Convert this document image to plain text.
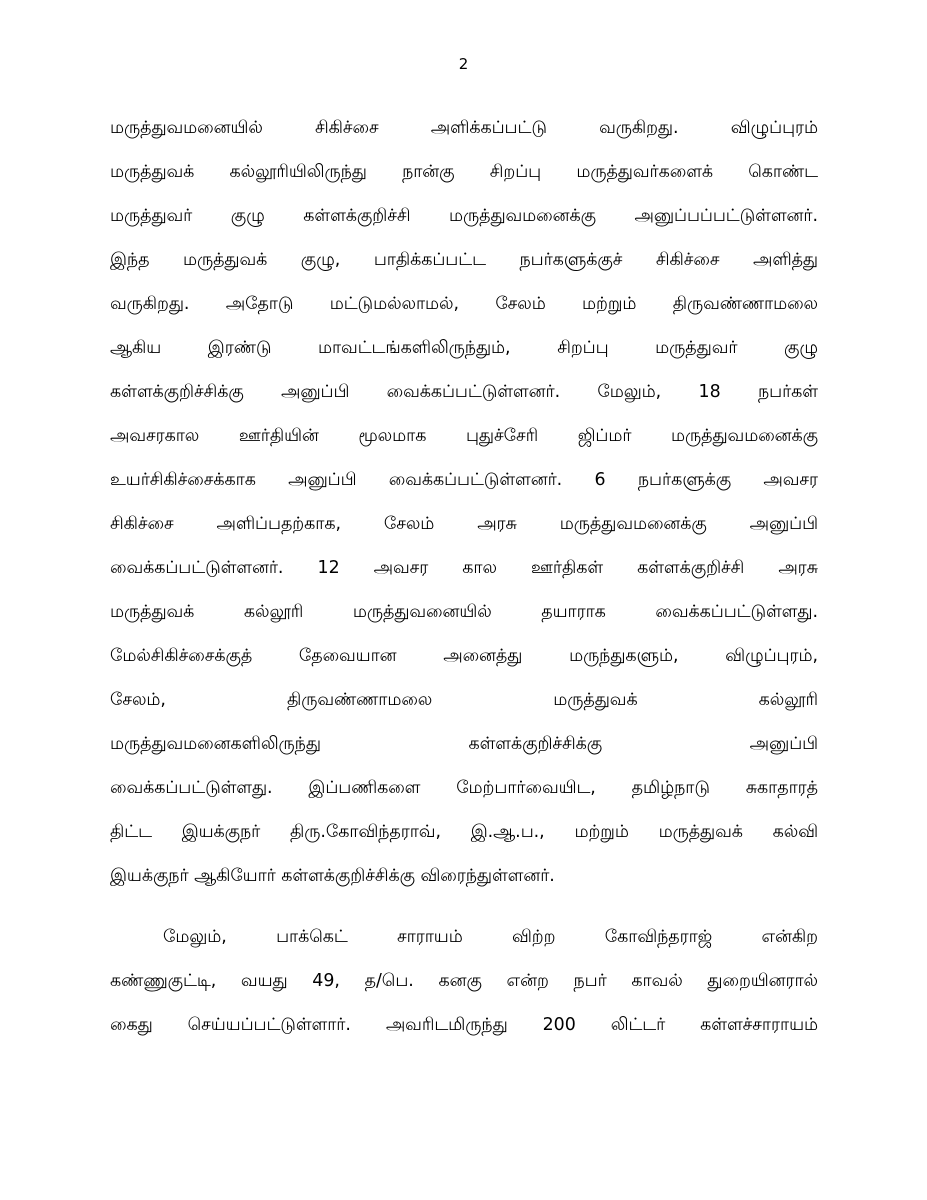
2
மருத்துவமனையில் சிகிச்சை அளிக்கப்பட்டு வருகிறது. விழுப்புரம்
மருத்துவக் கல்லூரியிலிருந்து நான்கு சிறப்பு மருத்துவர்களைக் கொண்ட
மருத்துவர் குழு கள்ளக்குறிச்சி மருத்துவமனைக்கு அனுப்பப்பட்டுள்ளனர்.
இந்த மருத்துவக் குழு, பாதிக்கப்பட்ட நபர்களுக்குச் சிகிச்சை அளித்து
வருகிறது. அதோடு மட்டுமல்லாமல், சேலம் மற்றும் திருவண்ணாமலை
ஆகிய இரண்டு மாவட்டங்களிலிருந்தும், சிறப்பு மருத்துவர் குழு
கள்ளக்குறிச்சிக்கு அனுப்பி வைக்கப்பட்டுள்ளனர். மேலும், 18 நபர்கள்
அவசரகால ஊர்தியின் மூலமாக புதுச்சேரி ஜிப்மர் மருத்துவமனைக்கு
உயர்சிகிச்சைக்காக அனுப்பி வைக்கப்பட்டுள்ளனர். 6 நபர்களுக்கு அவசர
சிகிச்சை அளிப்பதற்காக, சேலம் அரசு மருத்துவமனைக்கு அனுப்பி
வைக்கப்பட்டுள்ளனர். 12 அவசர கால ஊர்திகள் கள்ளக்குறிச்சி அரசு
மருத்துவக் கல்லூரி மருத்துவனையில் தயாராக வைக்கப்பட்டுள்ளது.
மேல்சிகிச்சைக்குத் தேவையான அனைத்து மருந்துகளும், விழுப்புரம்,
சேலம், திருவண்ணாமலை மருத்துவக் கல்லூரி
மருத்துவமனைகளிலிருந்து கள்ளக்குறிச்சிக்கு அனுப்பி
வைக்கப்பட்டுள்ளது. இப்பணிகளை மேற்பார்வையிட, தமிழ்நாடு சுகாதாரத்
திட்ட இயக்குநர் திரு.கோவிந்தராவ், இ.ஆ.ப., மற்றும் மருத்துவக் கல்வி
இயக்குநர் ஆகியோர் கள்ளக்குறிச்சிக்கு விரைந்துள்ளனர்.
மேலும், பாக்கெட் சாராயம் விற்ற கோவிந்தராஜ் என்கிற
கண்ணுகுட்டி, வயது 49, த/பெ. கனகு என்ற நபர் காவல் துறையினரால்
கைது செய்யப்பட்டுள்ளார். அவரிடமிருந்து 200 லிட்டர் கள்ளச்சாராயம்
